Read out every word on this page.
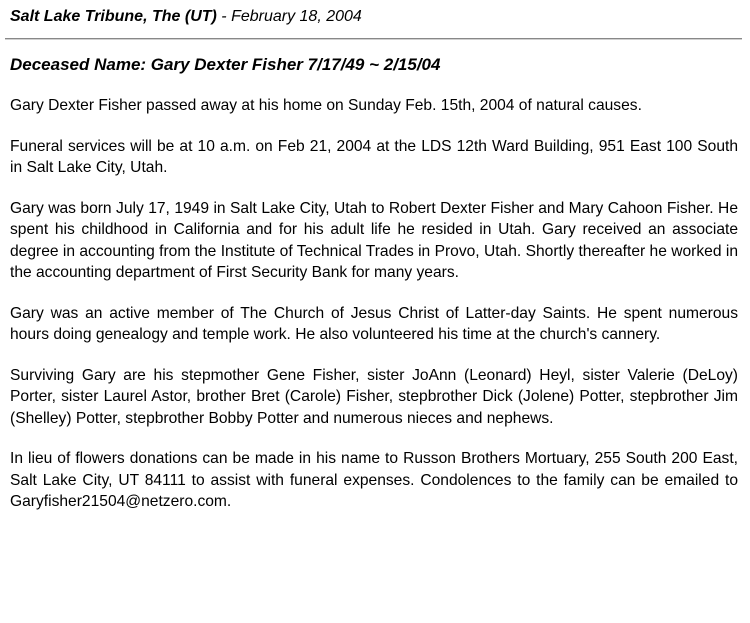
Salt Lake Tribune, The (UT) - February 18, 2004
Deceased Name: Gary Dexter Fisher 7/17/49 ~ 2/15/04

Gary Dexter Fisher passed away at his home on Sunday Feb. 15th, 2004 of natural causes.

Funeral services will be at 10 a.m. on Feb 21, 2004 at the LDS 12th Ward Building, 951 East 100 South in Salt Lake City, Utah.

Gary was born July 17, 1949 in Salt Lake City, Utah to Robert Dexter Fisher and Mary Cahoon Fisher. He spent his childhood in California and for his adult life he resided in Utah. Gary received an associate degree in accounting from the Institute of Technical Trades in Provo, Utah. Shortly thereafter he worked in the accounting department of First Security Bank for many years.

Gary was an active member of The Church of Jesus Christ of Latter-day Saints. He spent numerous hours doing genealogy and temple work. He also volunteered his time at the church's cannery.

Surviving Gary are his stepmother Gene Fisher, sister JoAnn (Leonard) Heyl, sister Valerie (DeLoy) Porter, sister Laurel Astor, brother Bret (Carole) Fisher, stepbrother Dick (Jolene) Potter, stepbrother Jim (Shelley) Potter, stepbrother Bobby Potter and numerous nieces and nephews.

In lieu of flowers donations can be made in his name to Russon Brothers Mortuary, 255 South 200 East, Salt Lake City, UT 84111 to assist with funeral expenses. Condolences to the family can be emailed to Garyfisher21504@netzero.com.
